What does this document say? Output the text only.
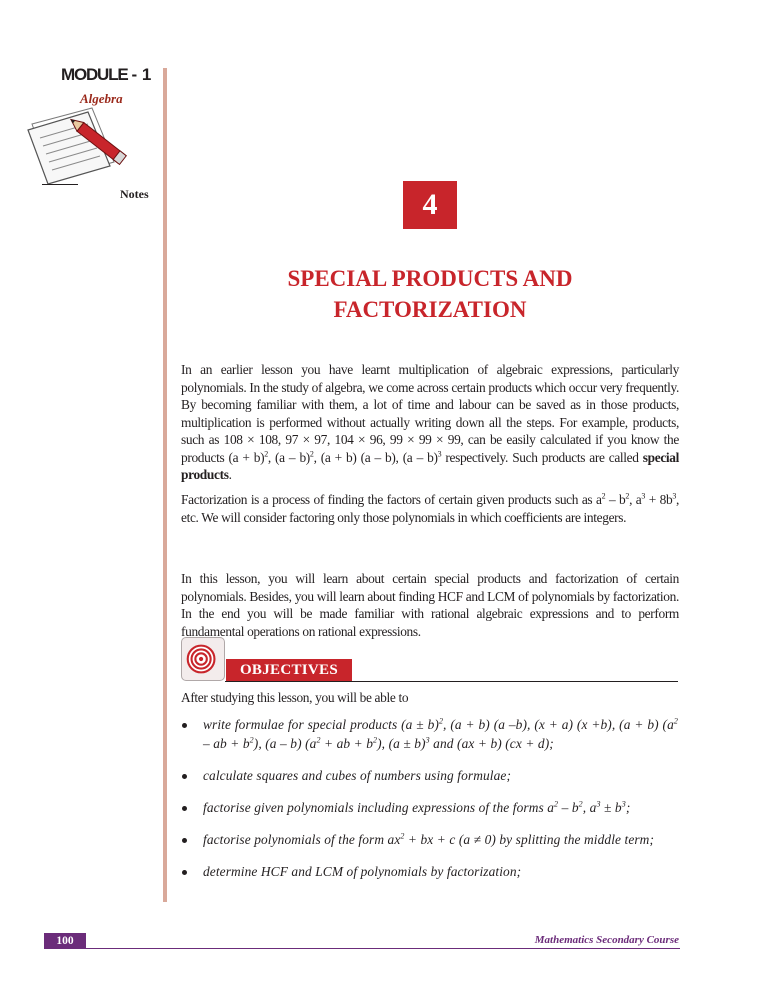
MODULE - 1
Algebra
Notes	4
SPECIAL PRODUCTS AND
FACTORIZATION
In an earlier lesson you have learnt multiplication of algebraic expressions, particularly polynomials. In the study of algebra, we come across certain products which occur very frequently. By becoming familiar with them, a lot of time and labour can be saved as in those products, multiplication is performed without actually writing down all the steps. For example, products, such as 108 × 108, 97 × 97, 104 × 96, 99 × 99 × 99, can be easily calculated if you know the products $(a + b)^2$, (a – b)$^2$, (a + b) (a – b), (a – b)$^3$ respectively. Such products are called special products.
Factorization is a process of finding the factors of certain given products such as $a^2 - b^2$, $a^3 + 8b^3$, etc. We will consider factoring only those polynomials in which coefficients are integers.
In this lesson, you will learn about certain special products and factorization of certain polynomials. Besides, you will learn about finding HCF and LCM of polynomials by factorization. In the end you will be made familiar with rational algebraic expressions and to perform fundamental operations on rational expressions.
OBJECTIVES
After studying this lesson, you will be able to
write formulae for special products $(a \pm b)^2$, (a + b) (a –b), (x + a) (x +b), (a + b) ($a^2$ – ab + $b^2$), (a – b) ($a^2$ + ab + $b^2$), $(a \pm b)^3$ and (ax + b) (cx + d);
calculate squares and cubes of numbers using formulae;
factorise given polynomials including expressions of the forms $a^2 - b^2$, $a^3 \pm b^3$;
factorise polynomials of the form $ax^2$ + bx + c (a ≠ 0) by splitting the middle term;
determine HCF and LCM of polynomials by factorization;
100	Mathematics Secondary Course
